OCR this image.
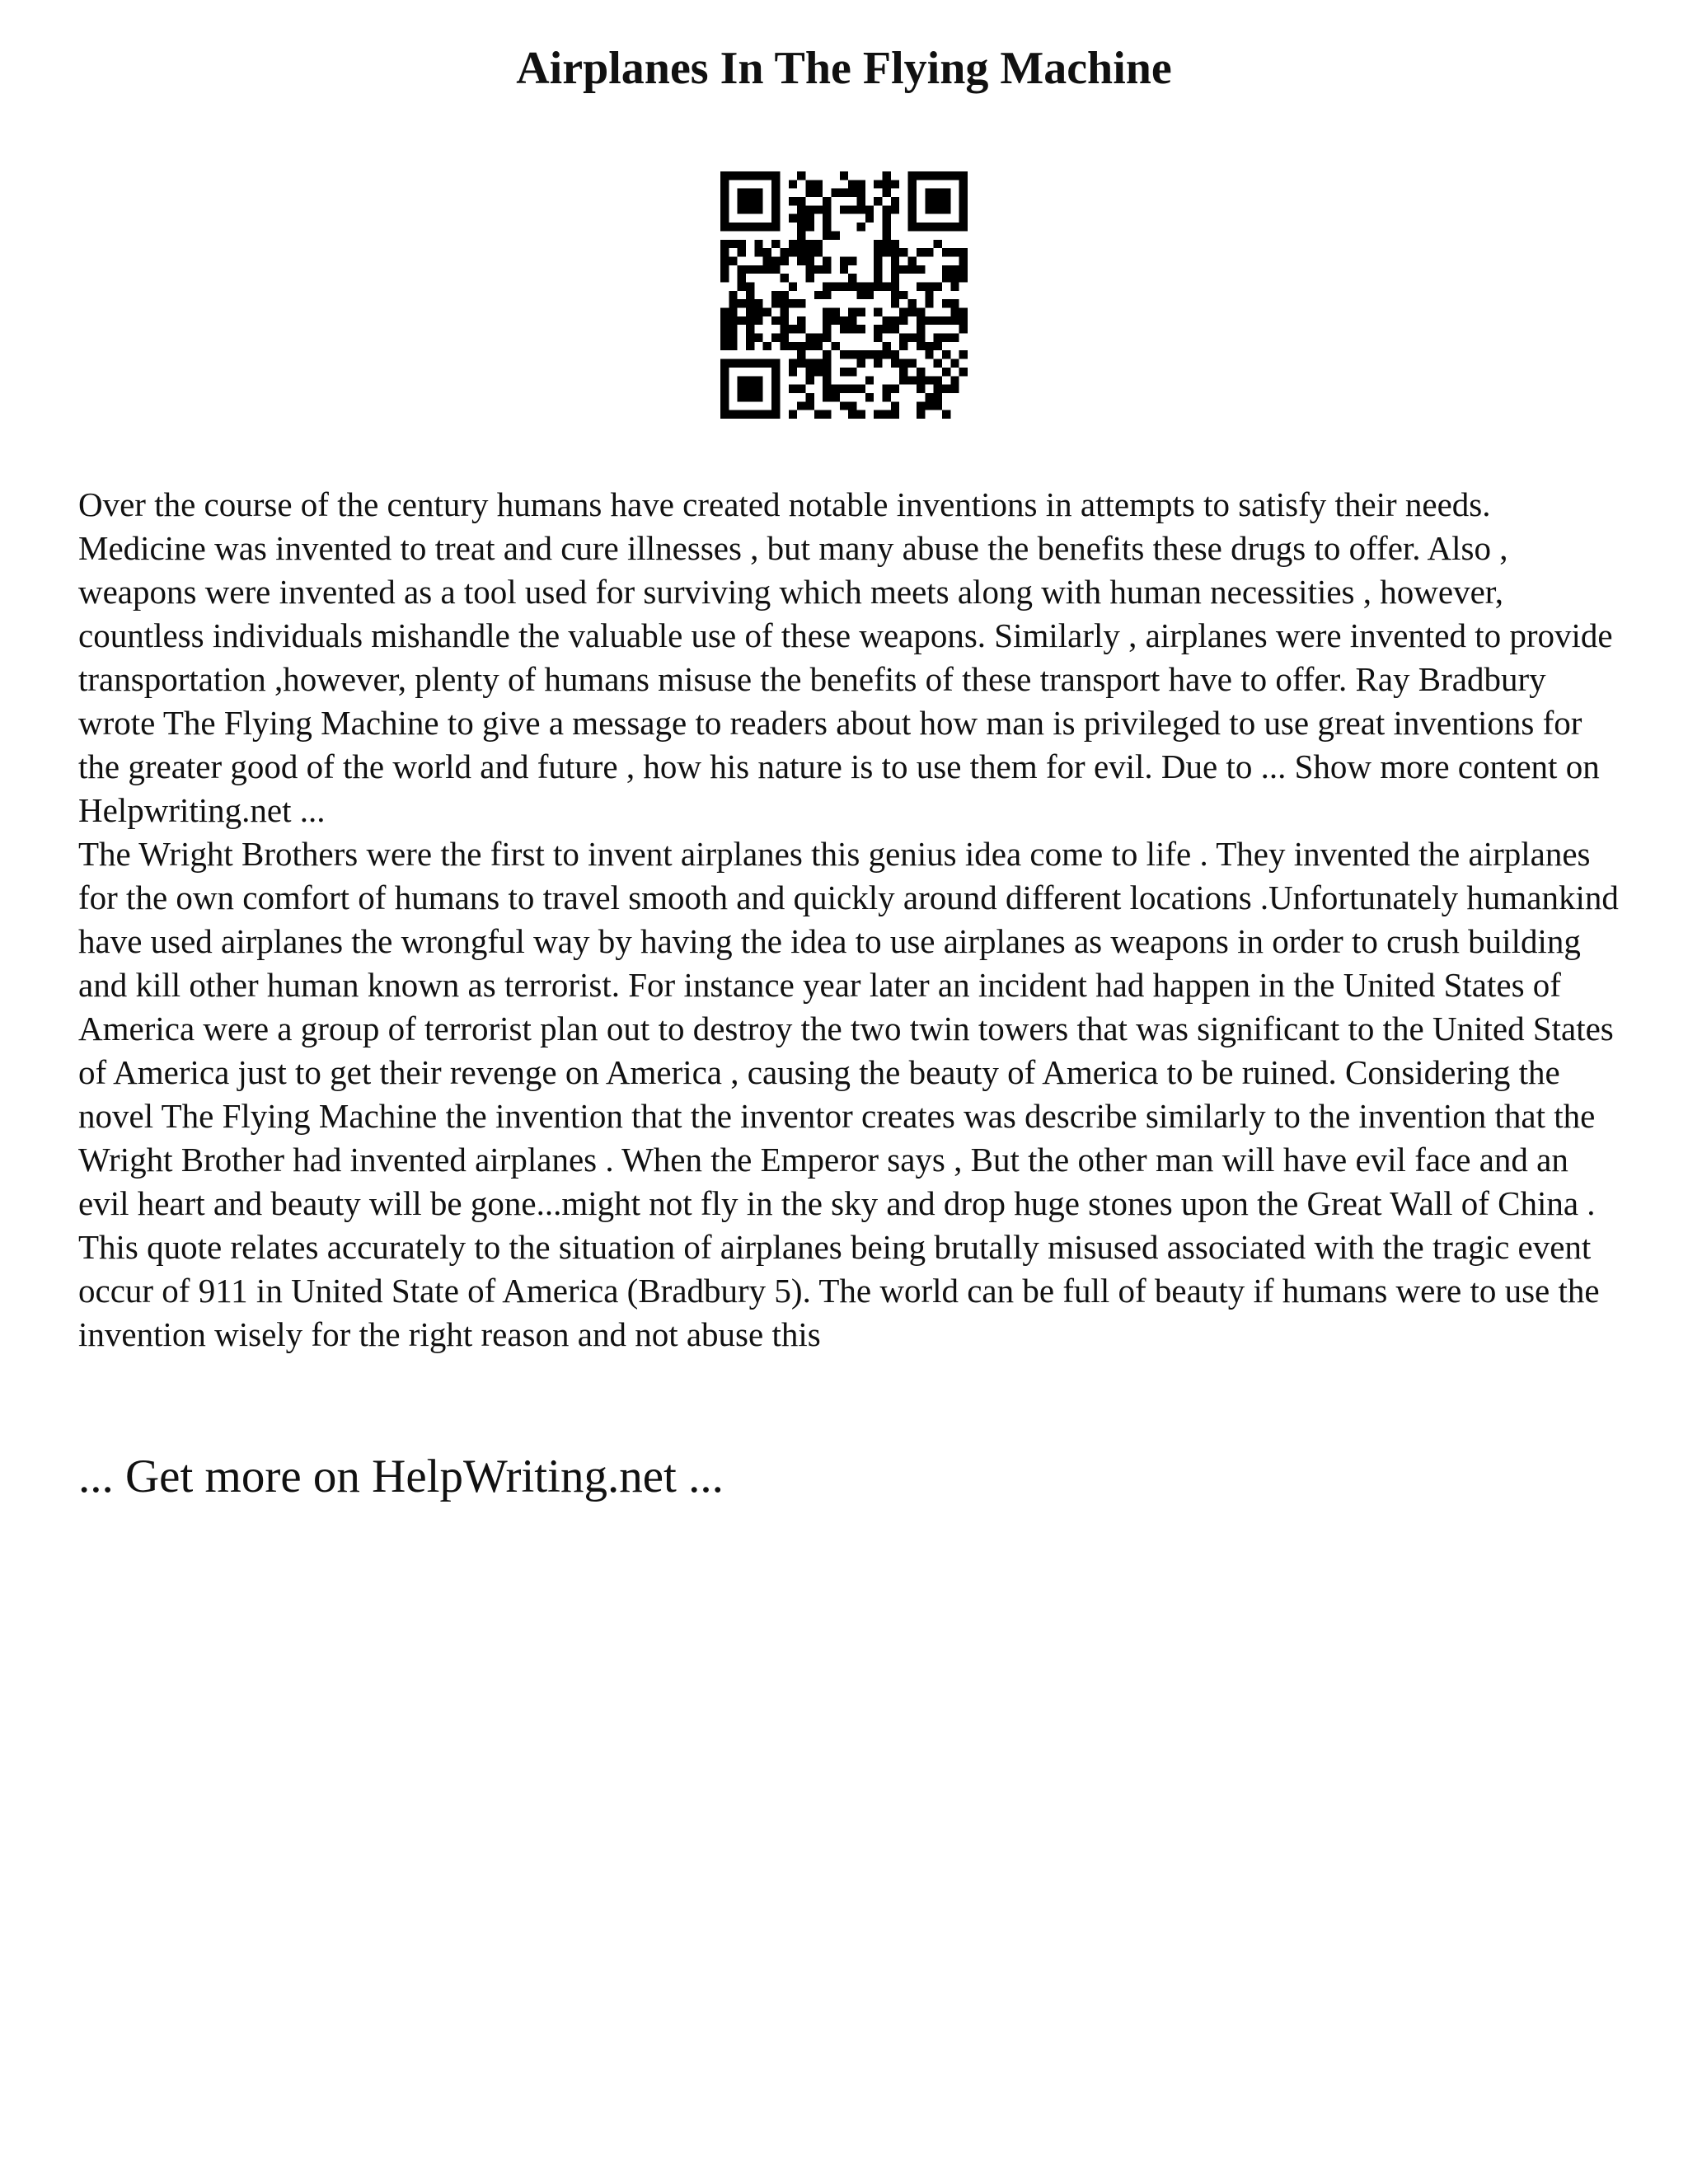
Airplanes In The Flying Machine

Over the course of the century humans have created notable inventions in attempts to satisfy their needs. Medicine was invented to treat and cure illnesses , but many abuse the benefits these drugs to offer. Also , weapons were invented as a tool used for surviving which meets along with human necessities , however, countless individuals mishandle the valuable use of these weapons. Similarly , airplanes were invented to provide transportation ,however, plenty of humans misuse the benefits of these transport have to offer. Ray Bradbury wrote The Flying Machine to give a message to readers about how man is privileged to use great inventions for the greater good of the world and future , how his nature is to use them for evil. Due to ... Show more content on Helpwriting.net ...

The Wright Brothers were the first to invent airplanes this genius idea come to life . They invented the airplanes for the own comfort of humans to travel smooth and quickly around different locations .Unfortunately humankind have used airplanes the wrongful way by having the idea to use airplanes as weapons in order to crush building and kill other human known as terrorist. For instance year later an incident had happen in the United States of America were a group of terrorist plan out to destroy the two twin towers that was significant to the United States of America just to get their revenge on America , causing the beauty of America to be ruined. Considering the novel The Flying Machine the invention that the inventor creates was describe similarly to the invention that the Wright Brother had invented airplanes . When the Emperor says , But the other man will have evil face and an evil heart and beauty will be gone...might not fly in the sky and drop huge stones upon the Great Wall of China . This quote relates accurately to the situation of airplanes being brutally misused associated with the tragic event occur of 911 in United State of America (Bradbury 5). The world can be full of beauty if humans were to use the invention wisely for the right reason and not abuse this

... Get more on HelpWriting.net ...
